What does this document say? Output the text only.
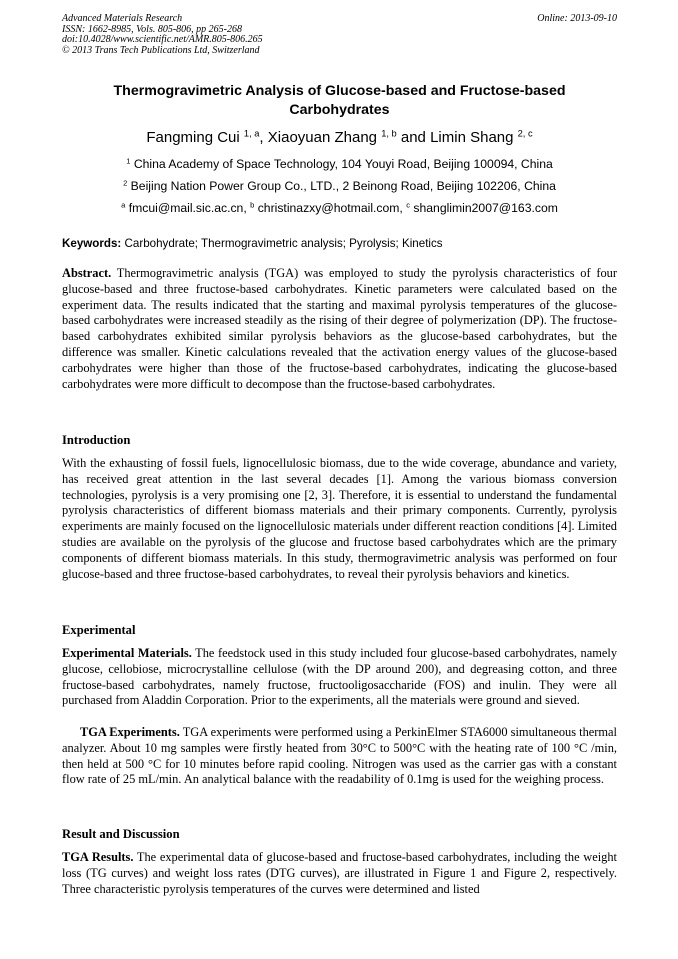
Advanced Materials Research
ISSN: 1662-8985, Vols. 805-806, pp 265-268
doi:10.4028/www.scientific.net/AMR.805-806.265
© 2013 Trans Tech Publications Ltd, Switzerland
Online: 2013-09-10
Thermogravimetric Analysis of Glucose-based and Fructose-based Carbohydrates
Fangming Cui $^{1, a}$, Xiaoyuan Zhang $^{1, b}$ and Limin Shang $^{2, c}$
$^1$ China Academy of Space Technology, 104 Youyi Road, Beijing 100094, China
$^2$ Beijing Nation Power Group Co., LTD., 2 Beinong Road, Beijing 102206, China
$^a$ fmcui@mail.sic.ac.cn, $^b$ christinazxy@hotmail.com, $^c$ shanglimin2007@163.com
Keywords: Carbohydrate; Thermogravimetric analysis; Pyrolysis; Kinetics
Abstract. Thermogravimetric analysis (TGA) was employed to study the pyrolysis characteristics of four glucose-based and three fructose-based carbohydrates. Kinetic parameters were calculated based on the experiment data. The results indicated that the starting and maximal pyrolysis temperatures of the glucose-based carbohydrates were increased steadily as the rising of their degree of polymerization (DP). The fructose-based carbohydrates exhibited similar pyrolysis behaviors as the glucose-based carbohydrates, but the difference was smaller. Kinetic calculations revealed that the activation energy values of the glucose-based carbohydrates were higher than those of the fructose-based carbohydrates, indicating the glucose-based carbohydrates were more difficult to decompose than the fructose-based carbohydrates.
Introduction
With the exhausting of fossil fuels, lignocellulosic biomass, due to the wide coverage, abundance and variety, has received great attention in the last several decades [1]. Among the various biomass conversion technologies, pyrolysis is a very promising one [2, 3]. Therefore, it is essential to understand the fundamental pyrolysis characteristics of different biomass materials and their primary components. Currently, pyrolysis experiments are mainly focused on the lignocellulosic materials under different reaction conditions [4]. Limited studies are available on the pyrolysis of the glucose and fructose based carbohydrates which are the primary components of different biomass materials. In this study, thermogravimetric analysis was performed on four glucose-based and three fructose-based carbohydrates, to reveal their pyrolysis behaviors and kinetics.
Experimental
Experimental Materials. The feedstock used in this study included four glucose-based carbohydrates, namely glucose, cellobiose, microcrystalline cellulose (with the DP around 200), and degreasing cotton, and three fructose-based carbohydrates, namely fructose, fructooligosaccharide (FOS) and inulin. They were all purchased from Aladdin Corporation. Prior to the experiments, all the materials were ground and sieved.
TGA Experiments. TGA experiments were performed using a PerkinElmer STA6000 simultaneous thermal analyzer. About 10 mg samples were firstly heated from 30°C to 500°C with the heating rate of 100 °C /min, then held at 500 °C for 10 minutes before rapid cooling. Nitrogen was used as the carrier gas with a constant flow rate of 25 mL/min. An analytical balance with the readability of 0.1mg is used for the weighing process.
Result and Discussion
TGA Results. The experimental data of glucose-based and fructose-based carbohydrates, including the weight loss (TG curves) and weight loss rates (DTG curves), are illustrated in Figure 1 and Figure 2, respectively. Three characteristic pyrolysis temperatures of the curves were determined and listed
